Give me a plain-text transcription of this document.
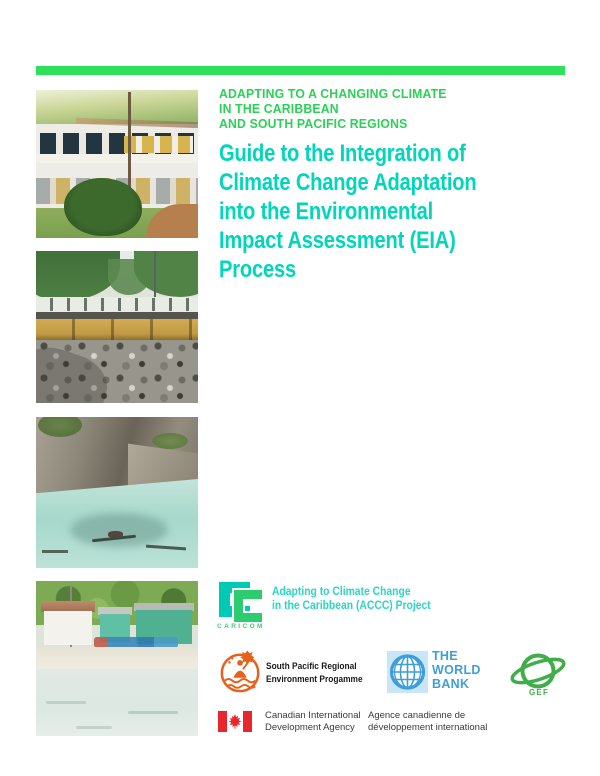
ADAPTING TO A CHANGING CLIMATE
IN THE CARIBBEAN
AND SOUTH PACIFIC REGIONS
Guide to the Integration of
Climate Change Adaptation
into the Environmental
Impact Assessment (EIA)
Process
CARICOM
Adapting to Climate Change
in the Caribbean (ACCC) Project
South Pacific Regional
Environment Progamme
THE
WORLD
BANK
GEF
Canadian International
Development Agency
Agence canadienne de
développement international
